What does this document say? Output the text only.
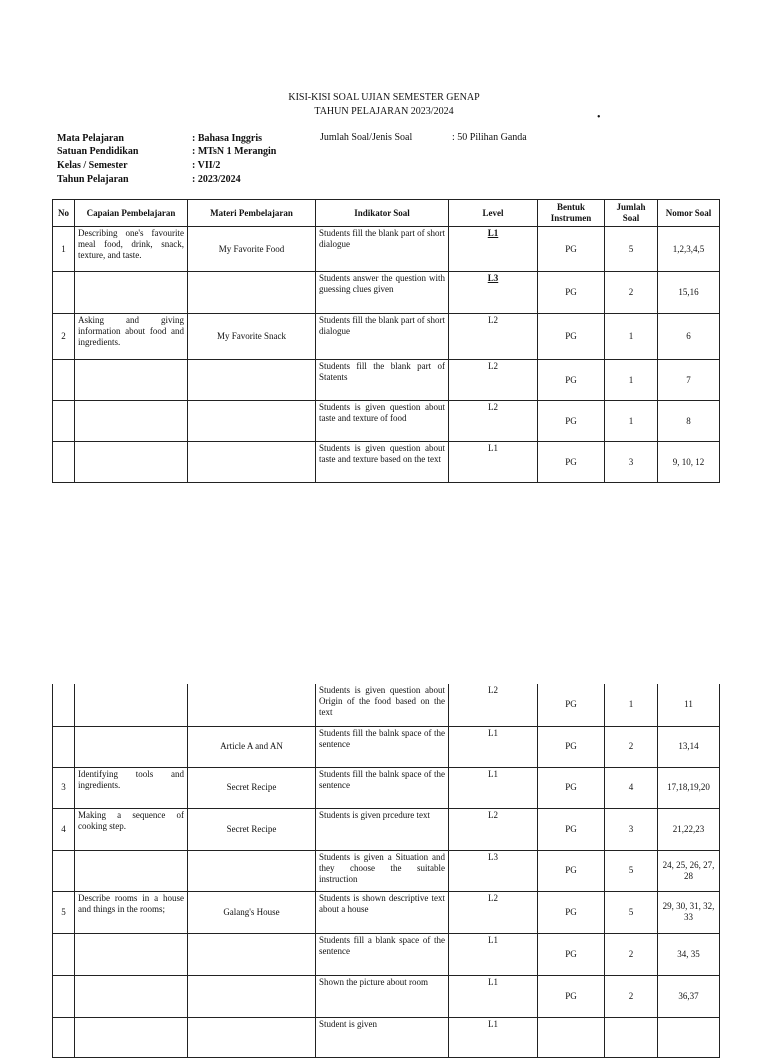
KISI-KISI SOAL UJIAN SEMESTER GENAP
TAHUN PELAJARAN 2023/2024
•
Mata Pelajaran	: Bahasa Inggris	Jumlah Soal/Jenis Soal	: 50 Pilihan Ganda
Satuan Pendidikan	: MTsN 1 Merangin
Kelas / Semester	: VII/2
Tahun Pelajaran	: 2023/2024
No	Capaian Pembelajaran	Materi Pembelajaran	Indikator Soal	Level	Bentuk Instrumen	Jumlah Soal	Nomor Soal
1	Describing one's favourite meal food, drink, snack, texture, and taste.	My Favorite Food	Students fill the blank part of short dialogue	L1	PG	5	1,2,3,4,5
			Students answer the question with guessing clues given	L3	PG	2	15,16
2	Asking and giving information about food and ingredients.	My Favorite Snack	Students fill the blank part of short dialogue	L2	PG	1	6
			Students fill the blank part of Statents	L2	PG	1	7
			Students is given question about taste and texture of food	L2	PG	1	8
			Students is given question about taste and texture based on the text	L1	PG	3	9, 10, 12
			Students is given question about Origin of the food based on the text	L2	PG	1	11
		Article A and AN	Students fill the balnk space of the sentence	L1	PG	2	13,14
3	Identifying tools and ingredients.	Secret Recipe	Students fill the balnk space of the sentence	L1	PG	4	17,18,19,20
4	Making a sequence of cooking step.	Secret Recipe	Students is given prcedure text	L2	PG	3	21,22,23
			Students is given a Situation and they choose the suitable instruction	L3	PG	5	24, 25, 26, 27, 28
5	Describe rooms in a house and things in the rooms;	Galang's House	Students is shown descriptive text about a house	L2	PG	5	29, 30, 31, 32, 33
			Students fill a blank space of the sentence	L1	PG	2	34, 35
			Shown the picture about room	L1	PG	2	36,37
			Student is given	L1			
